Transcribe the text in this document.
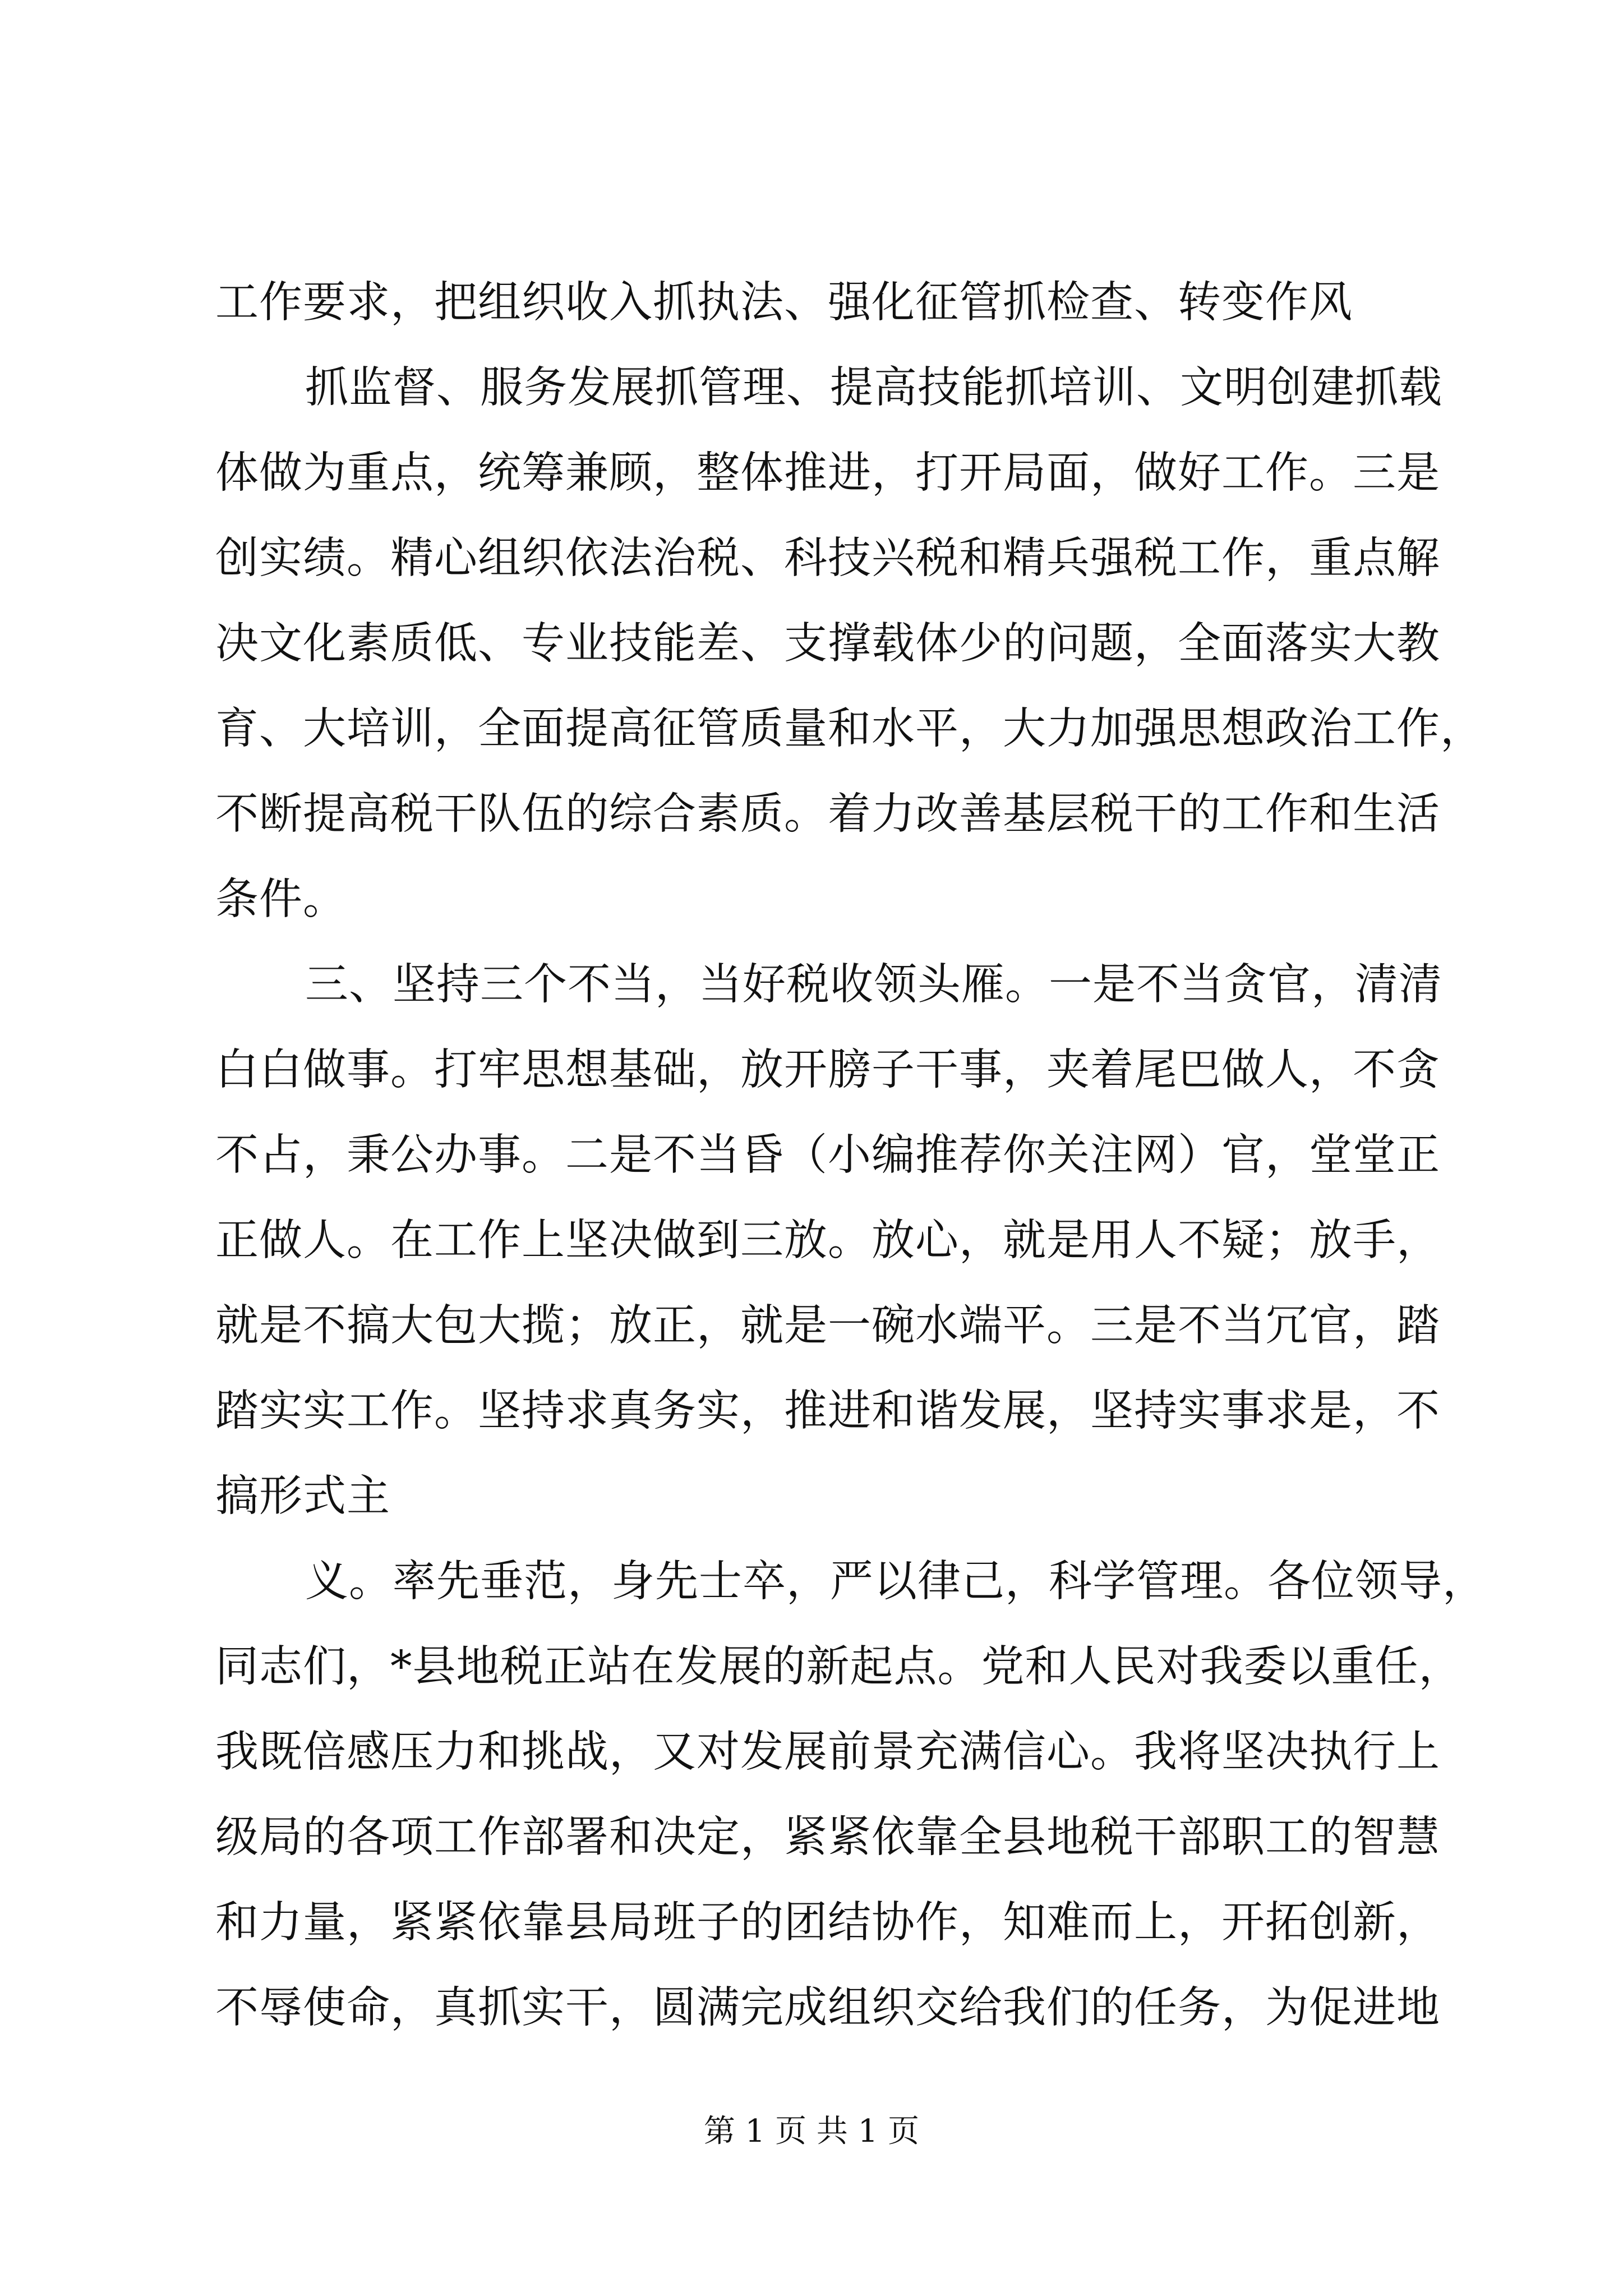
工作要求，把组织收入抓执法、强化征管抓检查、转变作风
抓监督、服务发展抓管理、提高技能抓培训、文明创建抓载
体做为重点，统筹兼顾，整体推进，打开局面，做好工作。三是
创实绩。精心组织依法治税、科技兴税和精兵强税工作，重点解
决文化素质低、专业技能差、支撑载体少的问题，全面落实大教
育、大培训，全面提高征管质量和水平，大力加强思想政治工作，
不断提高税干队伍的综合素质。着力改善基层税干的工作和生活
条件。
三、坚持三个不当，当好税收领头雁。一是不当贪官，清清
白白做事。打牢思想基础，放开膀子干事，夹着尾巴做人，不贪
不占，秉公办事。二是不当昏（小编推荐你关注网）官，堂堂正
正做人。在工作上坚决做到三放。放心，就是用人不疑；放手，
就是不搞大包大揽；放正，就是一碗水端平。三是不当冗官，踏
踏实实工作。坚持求真务实，推进和谐发展，坚持实事求是，不
搞形式主
义。率先垂范，身先士卒，严以律己，科学管理。各位领导，
同志们，*县地税正站在发展的新起点。党和人民对我委以重任，
我既倍感压力和挑战，又对发展前景充满信心。我将坚决执行上
级局的各项工作部署和决定，紧紧依靠全县地税干部职工的智慧
和力量，紧紧依靠县局班子的团结协作，知难而上，开拓创新，
不辱使命，真抓实干，圆满完成组织交给我们的任务，为促进地
第 1 页 共 1 页
